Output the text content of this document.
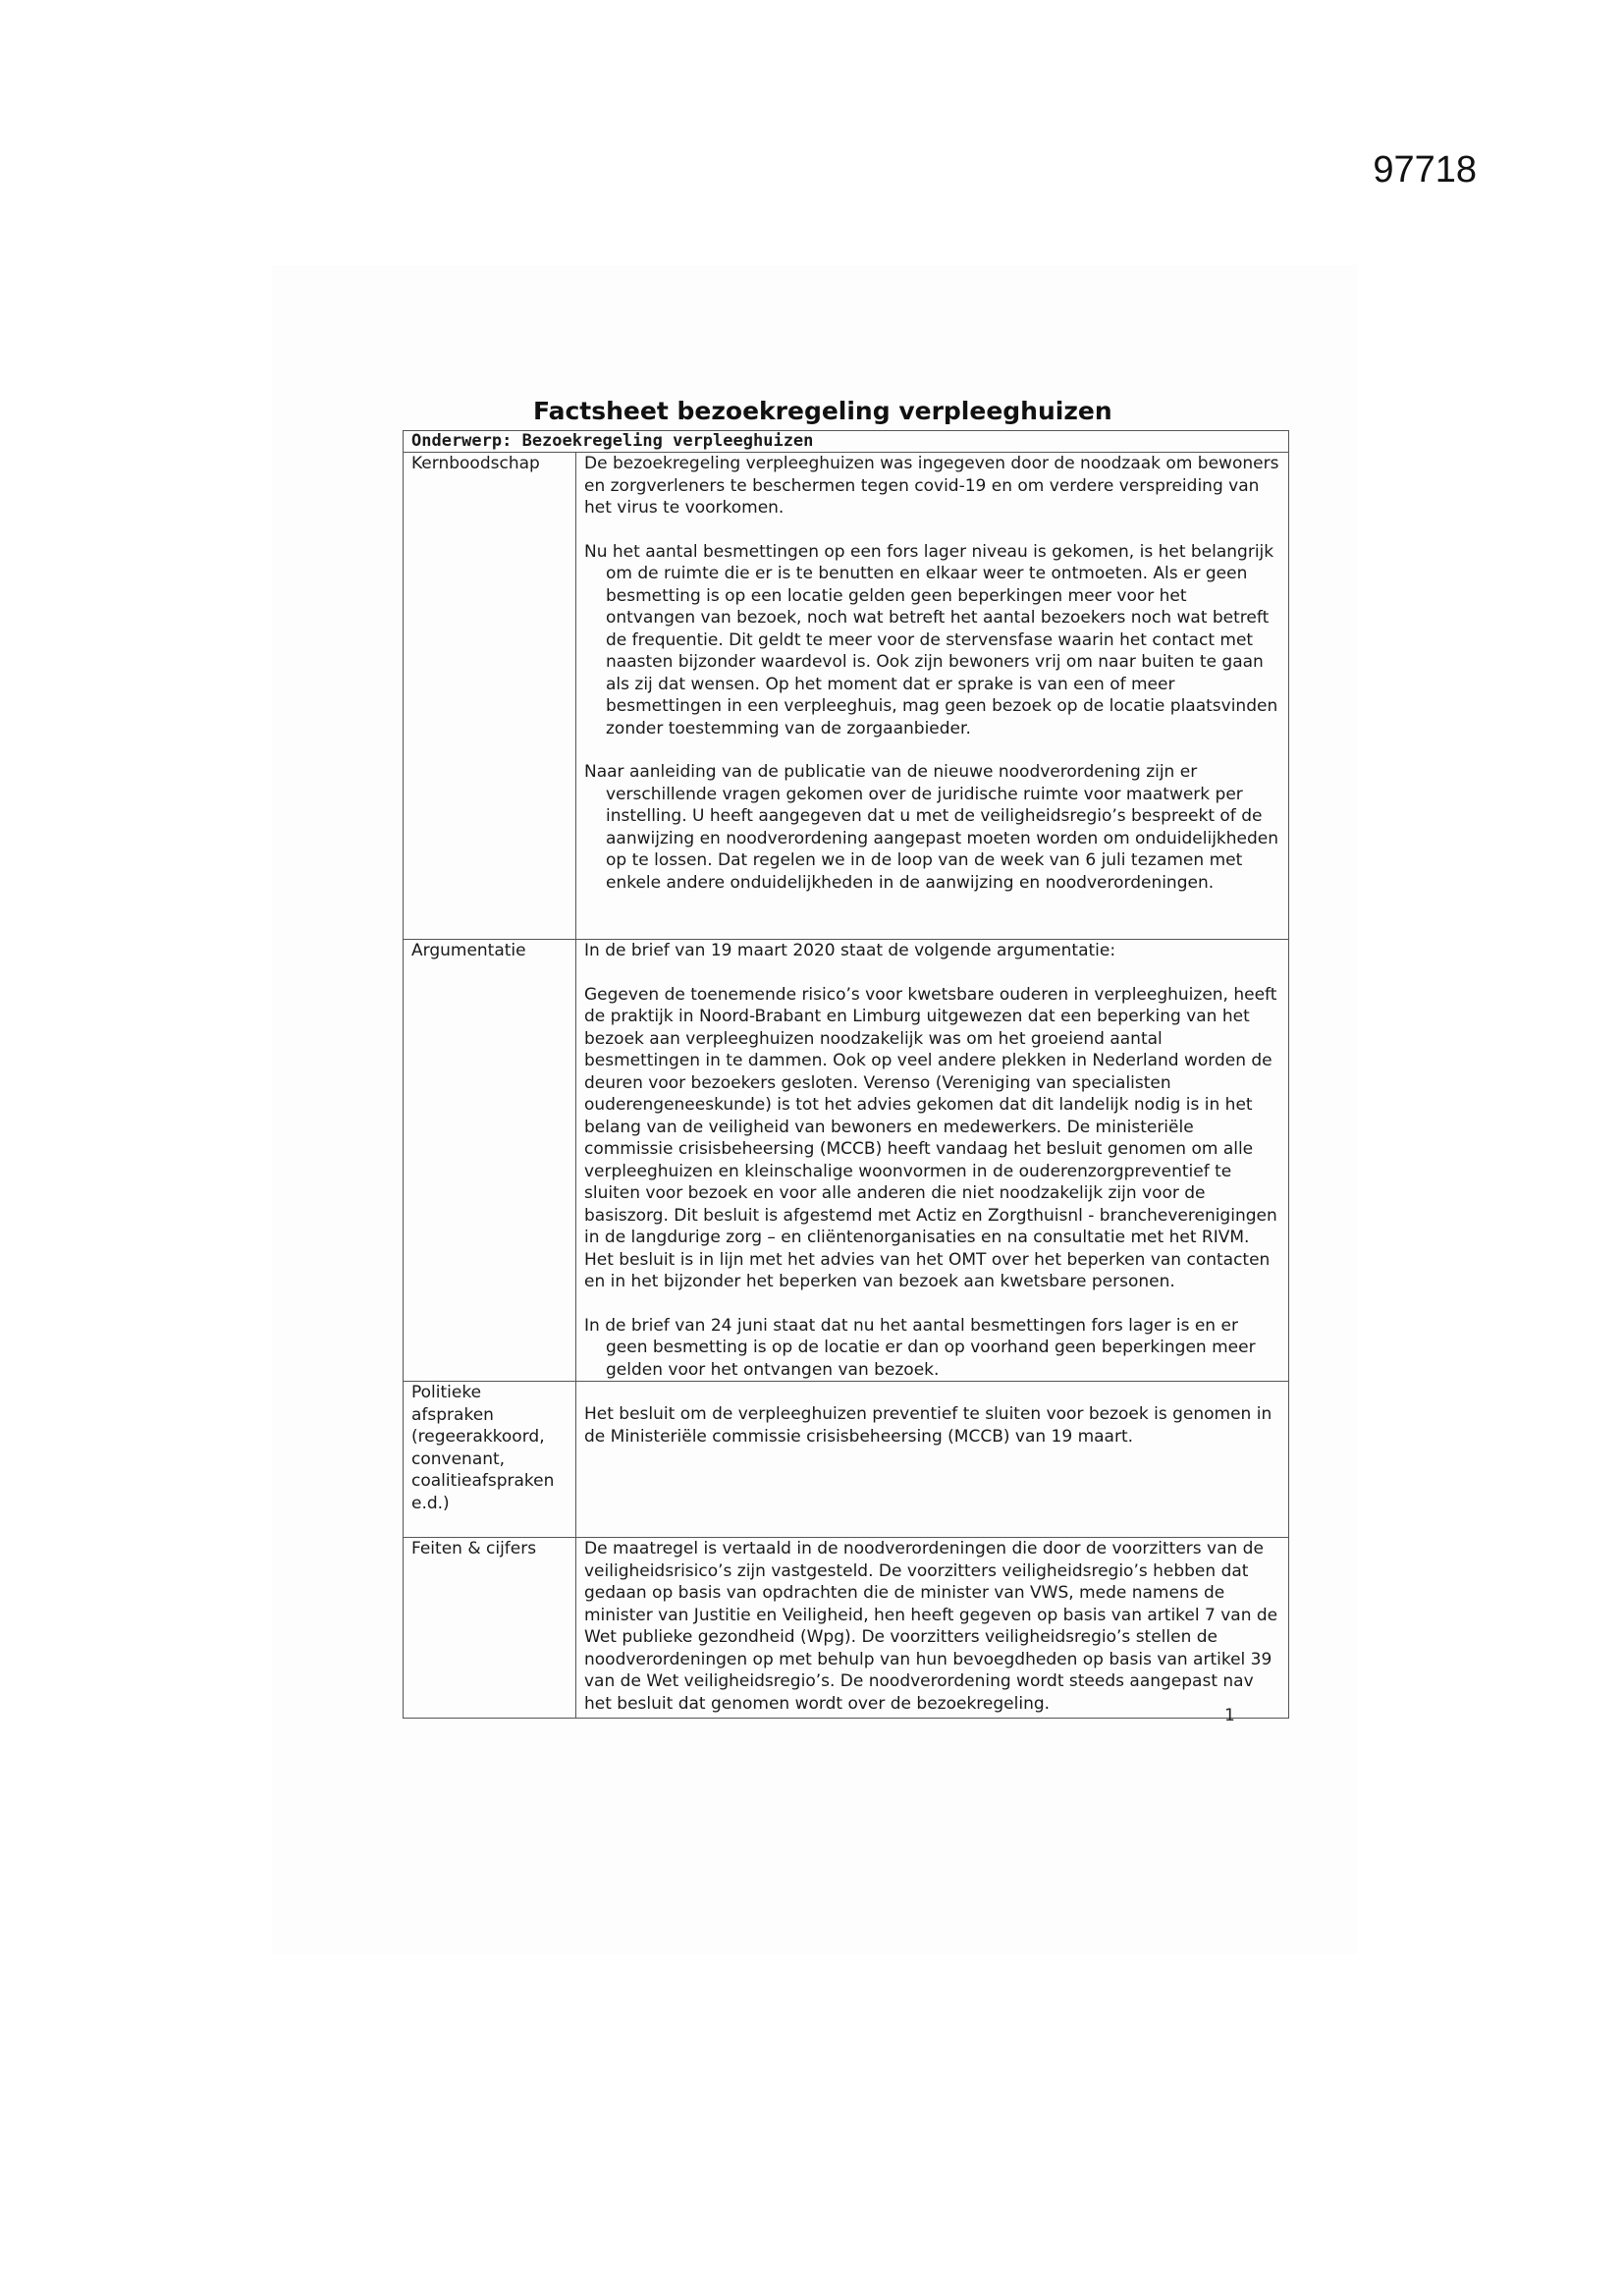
97718
Factsheet bezoekregeling verpleeghuizen
Onderwerp: Bezoekregeling verpleeghuizen	
Kernboodschap	De bezoekregeling verpleeghuizen was ingegeven door de noodzaak om bewoners en zorgverleners te beschermen tegen covid-19 en om verdere verspreiding van het virus te voorkomen.

Nu het aantal besmettingen op een fors lager niveau is gekomen, is het belangrijk om de ruimte die er is te benutten en elkaar weer te ontmoeten. Als er geen besmetting is op een locatie gelden geen beperkingen meer voor het ontvangen van bezoek, noch wat betreft het aantal bezoekers noch wat betreft de frequentie. Dit geldt te meer voor de stervensfase waarin het contact met naasten bijzonder waardevol is. Ook zijn bewoners vrij om naar buiten te gaan als zij dat wensen. Op het moment dat er sprake is van een of meer besmettingen in een verpleeghuis, mag geen bezoek op de locatie plaatsvinden zonder toestemming van de zorgaanbieder.

Naar aanleiding van de publicatie van de nieuwe noodverordening zijn er verschillende vragen gekomen over de juridische ruimte voor maatwerk per instelling. U heeft aangegeven dat u met de veiligheidsregio’s bespreekt of de aanwijzing en noodverordening aangepast moeten worden om onduidelijkheden op te lossen. Dat regelen we in de loop van de week van 6 juli tezamen met enkele andere onduidelijkheden in de aanwijzing en noodverordeningen.

Argumentatie	In de brief van 19 maart 2020 staat de volgende argumentatie:

Gegeven de toenemende risico’s voor kwetsbare ouderen in verpleeghuizen, heeft de praktijk in Noord-Brabant en Limburg uitgewezen dat een beperking van het bezoek aan verpleeghuizen noodzakelijk was om het groeiend aantal besmettingen in te dammen. Ook op veel andere plekken in Nederland worden de deuren voor bezoekers gesloten. Verenso (Vereniging van specialisten ouderengeneeskunde) is tot het advies gekomen dat dit landelijk nodig is in het belang van de veiligheid van bewoners en medewerkers. De ministeriële commissie crisisbeheersing (MCCB) heeft vandaag het besluit genomen om alle verpleeghuizen en kleinschalige woonvormen in de ouderenzorgpreventief te sluiten voor bezoek en voor alle anderen die niet noodzakelijk zijn voor de basiszorg. Dit besluit is afgestemd met Actiz en Zorgthuisnl - brancheverenigingen in de langdurige zorg – en cliëntenorganisaties en na consultatie met het RIVM. Het besluit is in lijn met het advies van het OMT over het beperken van contacten en in het bijzonder het beperken van bezoek aan kwetsbare personen.

In de brief van 24 juni staat dat nu het aantal besmettingen fors lager is en er geen besmetting is op de locatie er dan op voorhand geen beperkingen meer gelden voor het ontvangen van bezoek.

Politieke afspraken (regeerakkoord, convenant, coalitieafspraken e.d.)	Het besluit om de verpleeghuizen preventief te sluiten voor bezoek is genomen in de Ministeriële commissie crisisbeheersing (MCCB) van 19 maart.

Feiten & cijfers	De maatregel is vertaald in de noodverordeningen die door de voorzitters van de veiligheidsrisico’s zijn vastgesteld. De voorzitters veiligheidsregio’s hebben dat gedaan op basis van opdrachten die de minister van VWS, mede namens de minister van Justitie en Veiligheid, hen heeft gegeven op basis van artikel 7 van de Wet publieke gezondheid (Wpg). De voorzitters veiligheidsregio’s stellen de noodverordeningen op met behulp van hun bevoegdheden op basis van artikel 39 van de Wet veiligheidsregio’s. De noodverordening wordt steeds aangepast nav het besluit dat genomen wordt over de bezoekregeling.

1
